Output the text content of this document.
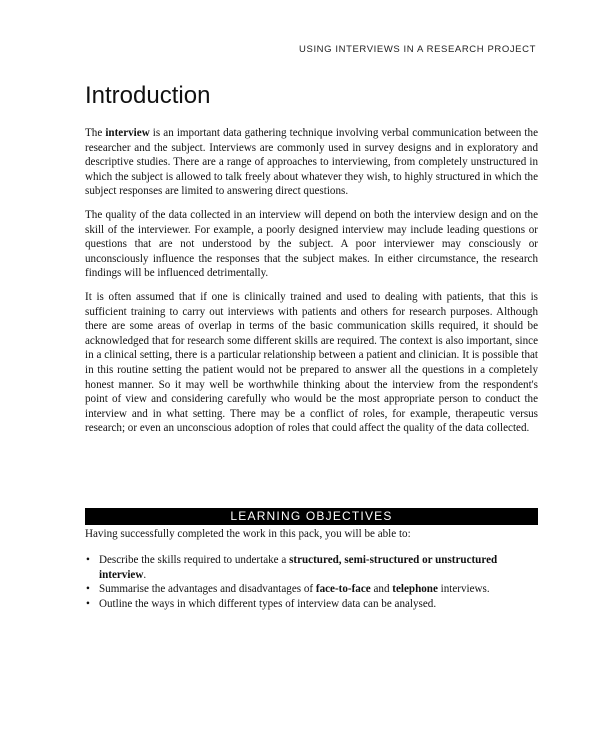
USING INTERVIEWS IN A RESEARCH PROJECT
Introduction

The interview is an important data gathering technique involving verbal communication between the researcher and the subject. Interviews are commonly used in survey designs and in exploratory and descriptive studies. There are a range of approaches to interviewing, from completely unstructured in which the subject is allowed to talk freely about whatever they wish, to highly structured in which the subject responses are limited to answering direct questions.

The quality of the data collected in an interview will depend on both the interview design and on the skill of the interviewer. For example, a poorly designed interview may include leading questions or questions that are not understood by the subject. A poor interviewer may consciously or unconsciously influence the responses that the subject makes. In either circumstance, the research findings will be influenced detrimentally.

It is often assumed that if one is clinically trained and used to dealing with patients, that this is sufficient training to carry out interviews with patients and others for research purposes. Although there are some areas of overlap in terms of the basic communication skills required, it should be acknowledged that for research some different skills are required. The context is also important, since in a clinical setting, there is a particular relationship between a patient and clinician. It is possible that in this routine setting the patient would not be prepared to answer all the questions in a completely honest manner. So it may well be worthwhile thinking about the interview from the respondent's point of view and considering carefully who would be the most appropriate person to conduct the interview and in what setting. There may be a conflict of roles, for example, therapeutic versus research; or even an unconscious adoption of roles that could affect the quality of the data collected.

LEARNING OBJECTIVES

Having successfully completed the work in this pack, you will be able to:

• Describe the skills required to undertake a structured, semi-structured or unstructured interview.
• Summarise the advantages and disadvantages of face-to-face and telephone interviews.
• Outline the ways in which different types of interview data can be analysed.
